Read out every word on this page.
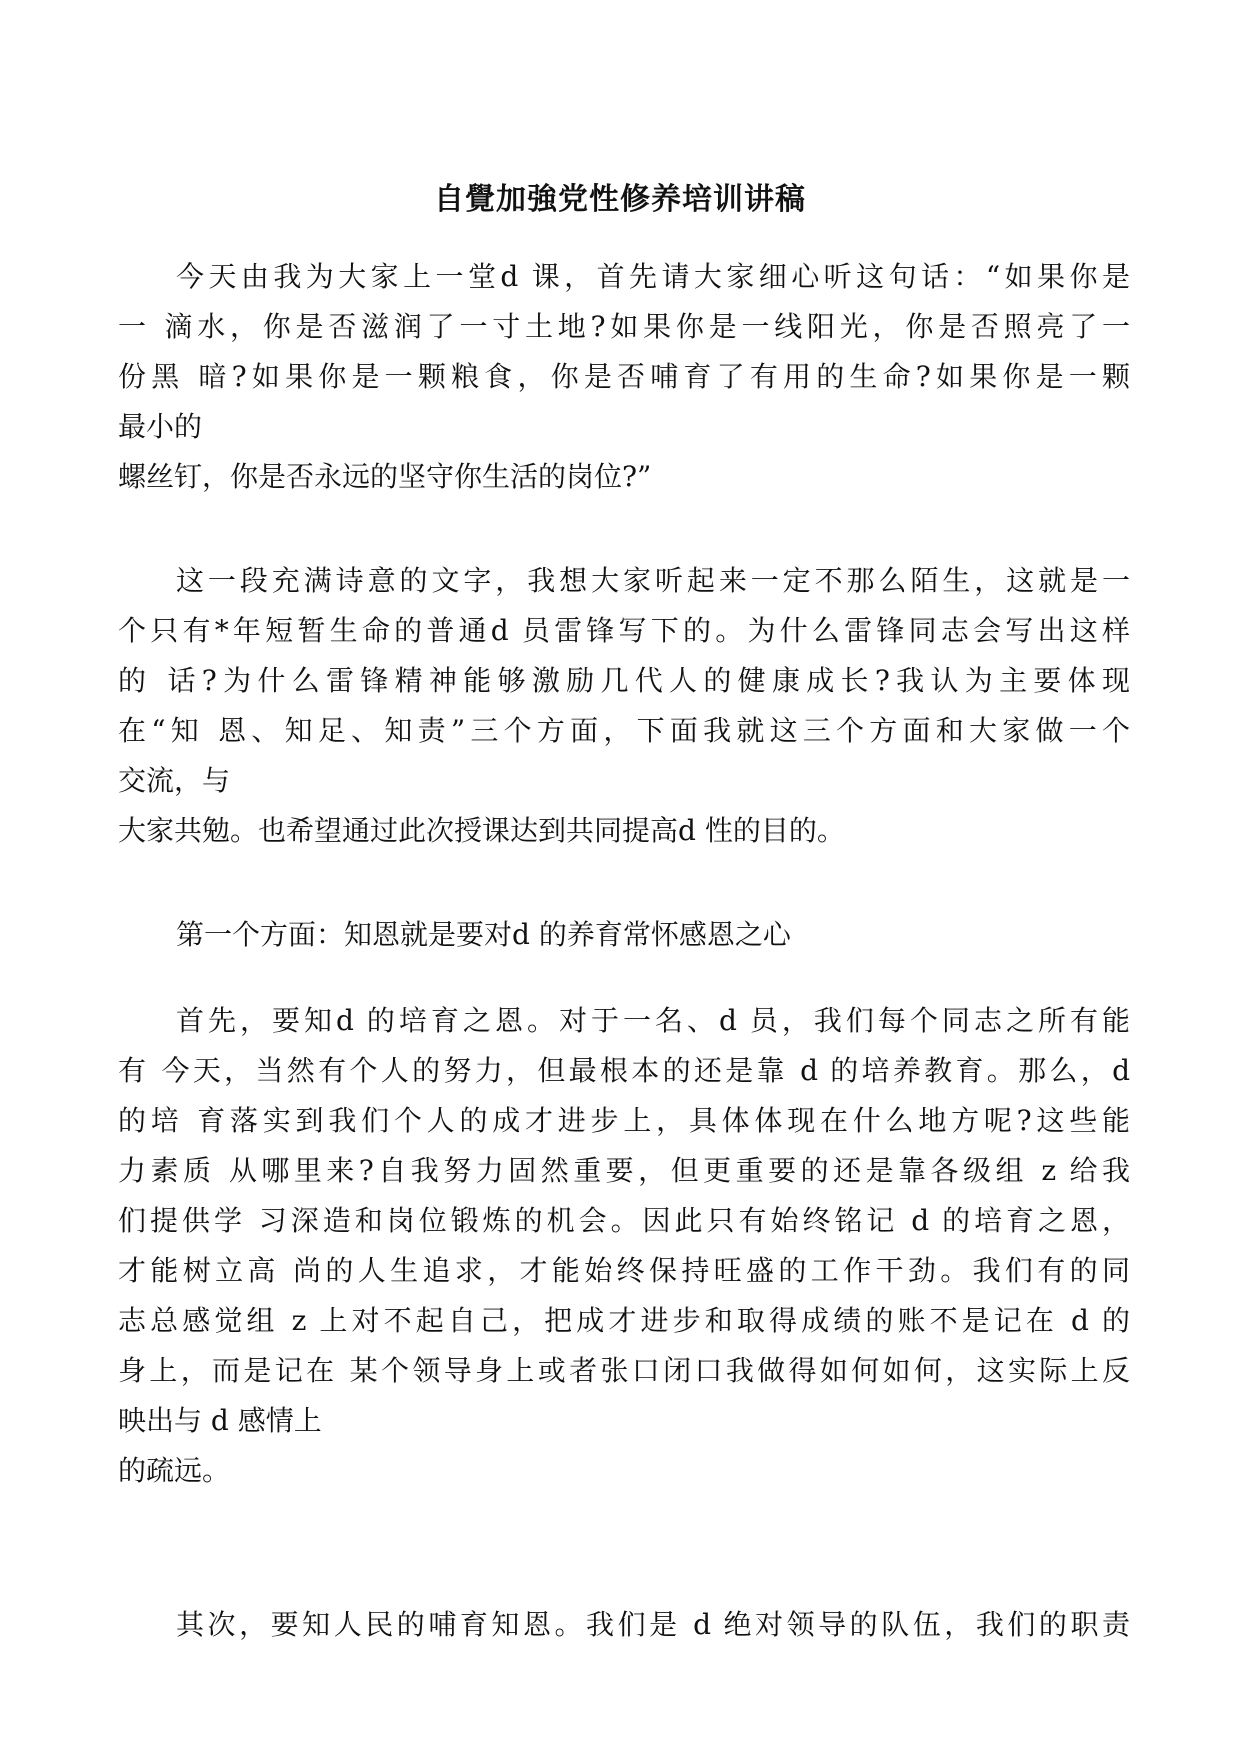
自覺加強党性修养培训讲稿

今天由我为大家上一堂d 课，首先请大家细心听这句话：“如果你是
一 滴水，你是否滋润了一寸土地?如果你是一线阳光，你是否照亮了一
份黑 暗?如果你是一颗粮食，你是否哺育了有用的生命?如果你是一颗
最小的
螺丝钉，你是否永远的坚守你生活的岗位?”

这一段充满诗意的文字，我想大家听起来一定不那么陌生，这就是一
个只有*年短暂生命的普通d 员雷锋写下的。为什么雷锋同志会写出这样
的 话?为什么雷锋精神能够激励几代人的健康成长?我认为主要体现
在“知 恩、知足、知责”三个方面，下面我就这三个方面和大家做一个
交流，与
大家共勉。也希望通过此次授课达到共同提高d 性的目的。

第一个方面：知恩就是要对d 的养育常怀感恩之心

首先，要知d 的培育之恩。对于一名、d 员，我们每个同志之所有能
有 今天，当然有个人的努力，但最根本的还是靠 d 的培养教育。那么，d
的培 育落实到我们个人的成才进步上，具体体现在什么地方呢?这些能
力素质 从哪里来?自我努力固然重要，但更重要的还是靠各级组 z 给我
们提供学 习深造和岗位锻炼的机会。因此只有始终铭记 d 的培育之恩，
才能树立高 尚的人生追求，才能始终保持旺盛的工作干劲。我们有的同
志总感觉组 z 上对不起自己，把成才进步和取得成绩的账不是记在 d 的
身上，而是记在 某个领导身上或者张口闭口我做得如何如何，这实际上反
映出与 d 感情上
的疏远。

其次，要知人民的哺育知恩。我们是 d 绝对领导的队伍，我们的职责
